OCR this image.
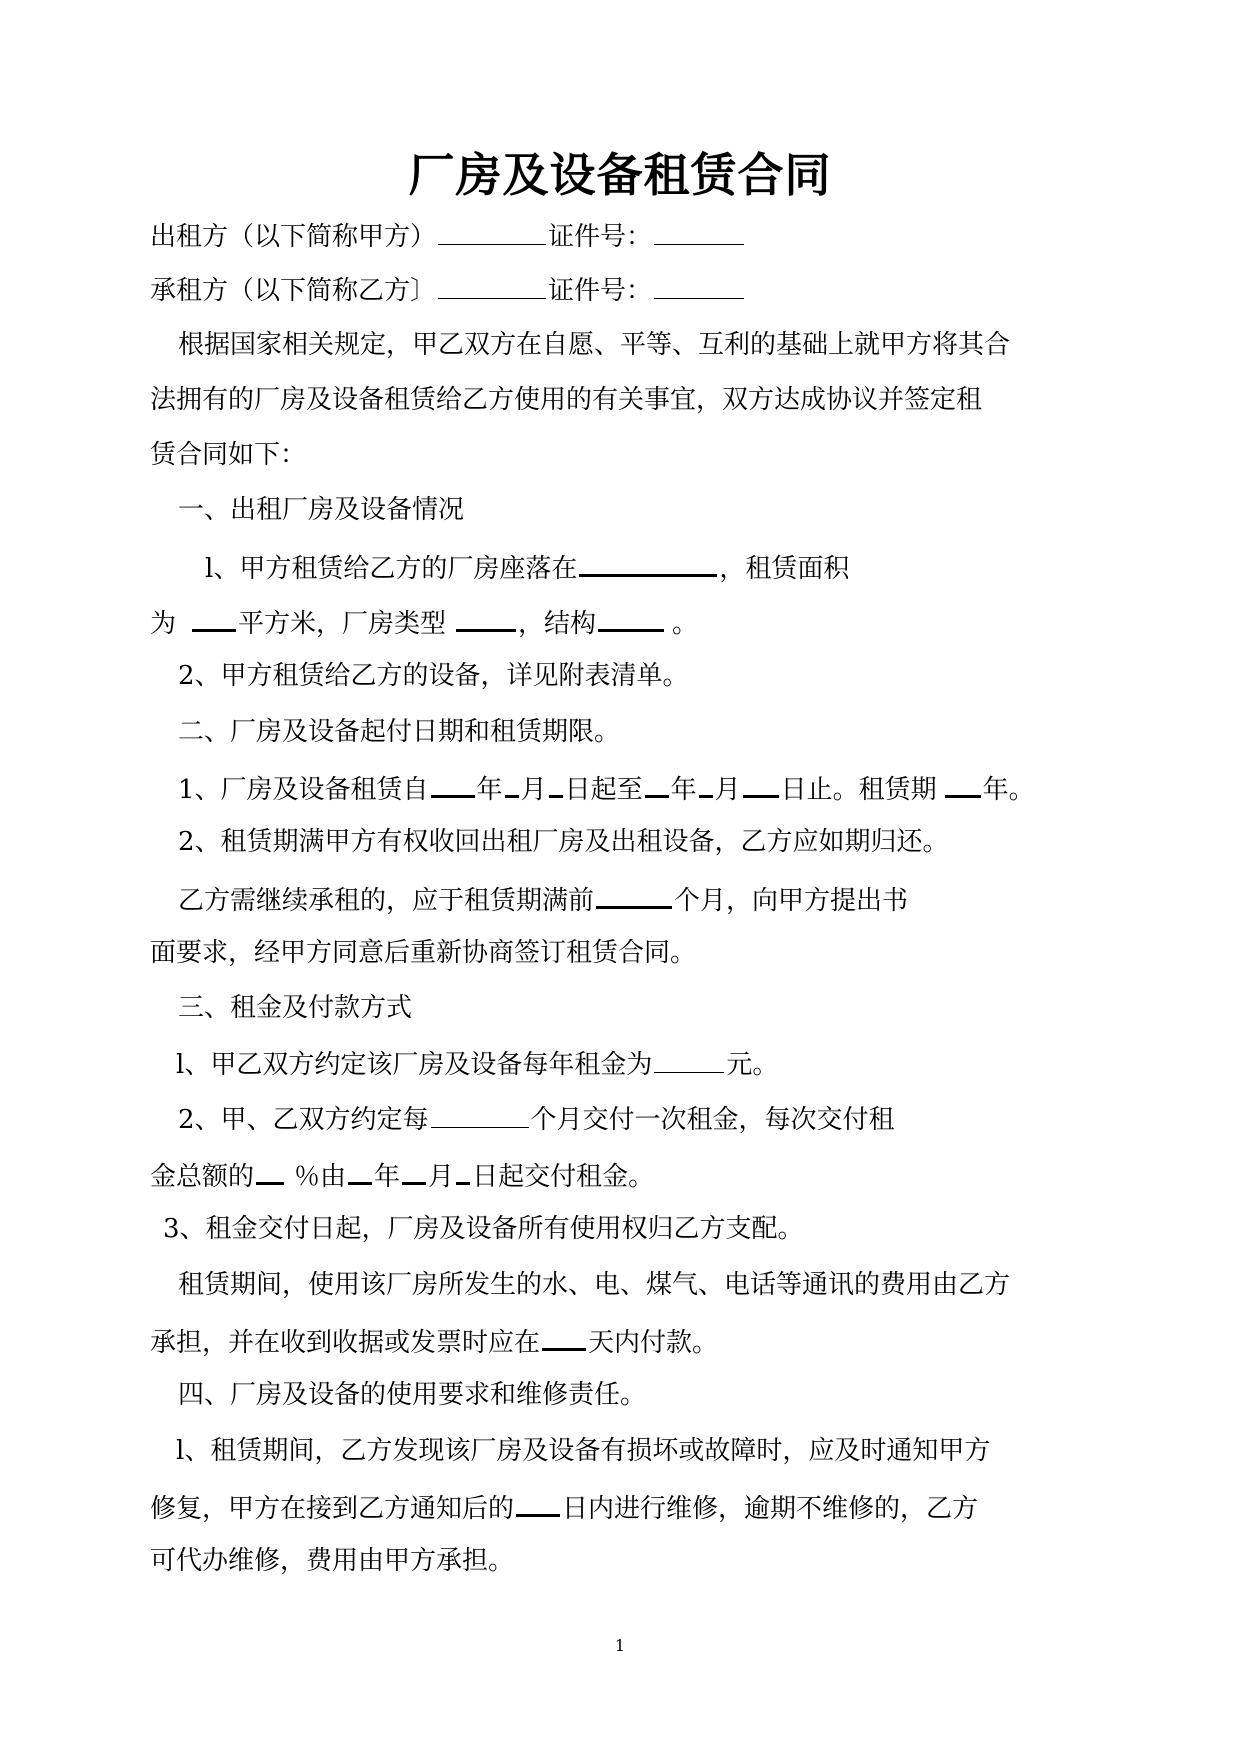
厂房及设备租赁合同
出租方（以下简称甲方）	证件号：
承租方（以下简称乙方〕	证件号：
根据国家相关规定，甲乙双方在自愿、平等、互利的基础上就甲方将其合
法拥有的厂房及设备租赁给乙方使用的有关事宜，双方达成协议并签定租
赁合同如下：
一、出租厂房及设备情况
l、甲方租赁给乙方的厂房座落在	，租赁面积
为 平方米，厂房类型	，结构	。
2、甲方租赁给乙方的设备，详见附表清单。
二、厂房及设备起付日期和租赁期限。
1、厂房及设备租赁自 年 月 日起至 年 月 日止。租赁期 年。
2、租赁期满甲方有权收回出租厂房及出租设备，乙方应如期归还。
乙方需继续承租的，应于租赁期满前	个月，向甲方提出书
面要求，经甲方同意后重新协商签订租赁合同。
三、租金及付款方式
l、甲乙双方约定该厂房及设备每年租金为	元。
2、甲、乙双方约定每	个月交付一次租金，每次交付租
金总额的 ％由 年 月 日起交付租金。
3、租金交付日起，厂房及设备所有使用权归乙方支配。
租赁期间，使用该厂房所发生的水、电、煤气、电话等通讯的费用由乙方
承担，并在收到收据或发票时应在 天内付款。
四、厂房及设备的使用要求和维修责任。
l、租赁期间，乙方发现该厂房及设备有损坏或故障时，应及时通知甲方
修复，甲方在接到乙方通知后的 日内进行维修，逾期不维修的，乙方
可代办维修，费用由甲方承担。
1
